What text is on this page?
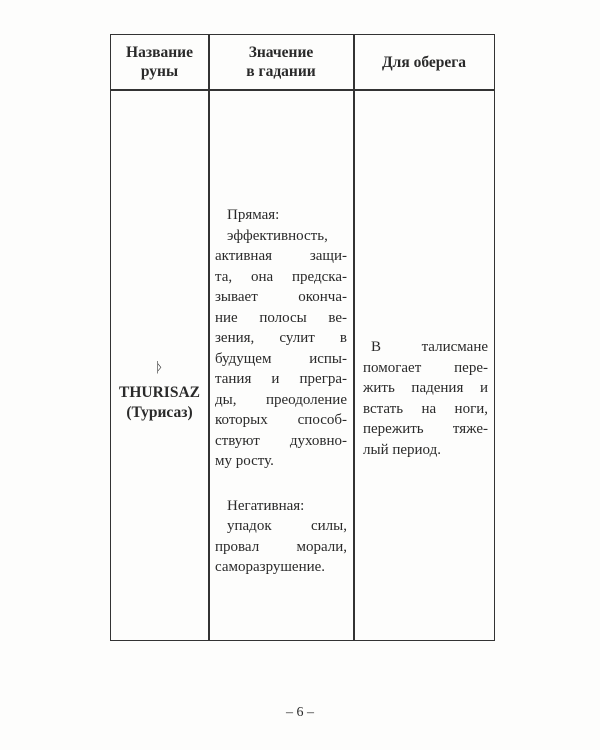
Название
руны
Значение
в гадании
Для оберега
ᚦ
THURISAZ
(Турисаз)

Прямая:

эффективность,

активная защи-

та, она предска-

зывает оконча-

ние полосы ве-

зения, сулит в

будущем испы-

тания и прегра-

ды, преодоление

которых способ-

ствуют духовно-

му росту.

Негативная:

упадок силы,

провал морали,

саморазрушение.

В талисмане

помогает пере-

жить падения и

встать на ноги,

пережить тяже-

лый период.

– 6 –
